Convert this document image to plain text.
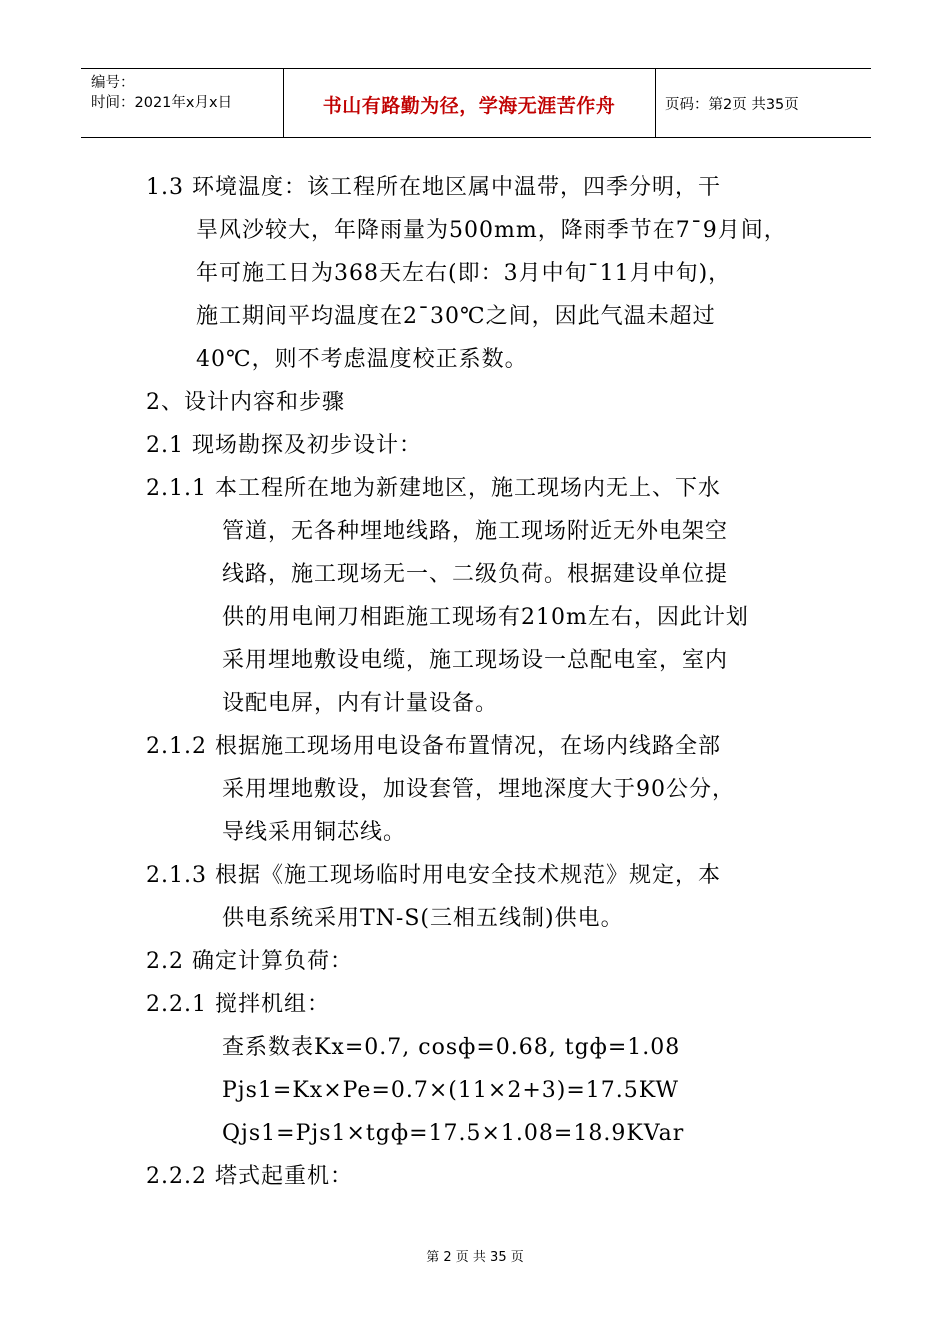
编号：
时间：2021年x月x日	书山有路勤为径，学海无涯苦作舟	页码：第2页 共35页
1.3 环境温度：该工程所在地区属中温带，四季分明，干
旱风沙较大，年降雨量为500mm，降雨季节在7¯9月间，
年可施工日为368天左右(即：3月中旬¯11月中旬)，
施工期间平均温度在2¯30℃之间，因此气温未超过
40℃，则不考虑温度校正系数。
2、设计内容和步骤
2.1 现场勘探及初步设计：
2.1.1 本工程所在地为新建地区，施工现场内无上、下水
管道，无各种埋地线路，施工现场附近无外电架空
线路，施工现场无一、二级负荷。根据建设单位提
供的用电闸刀相距施工现场有210m左右，因此计划
采用埋地敷设电缆，施工现场设一总配电室，室内
设配电屏，内有计量设备。
2.1.2 根据施工现场用电设备布置情况，在场内线路全部
采用埋地敷设，加设套管，埋地深度大于90公分，
导线采用铜芯线。
2.1.3 根据《施工现场临时用电安全技术规范》规定，本
供电系统采用TN-S(三相五线制)供电。
2.2 确定计算负荷：
2.2.1 搅拌机组：
查系数表Kx=0.7, cosф=0.68, tgф=1.08
Pjs1=Kx×Pe=0.7×(11×2+3)=17.5KW
Qjs1=Pjs1×tgф=17.5×1.08=18.9KVar
2.2.2 塔式起重机：
第 2 页 共 35 页
